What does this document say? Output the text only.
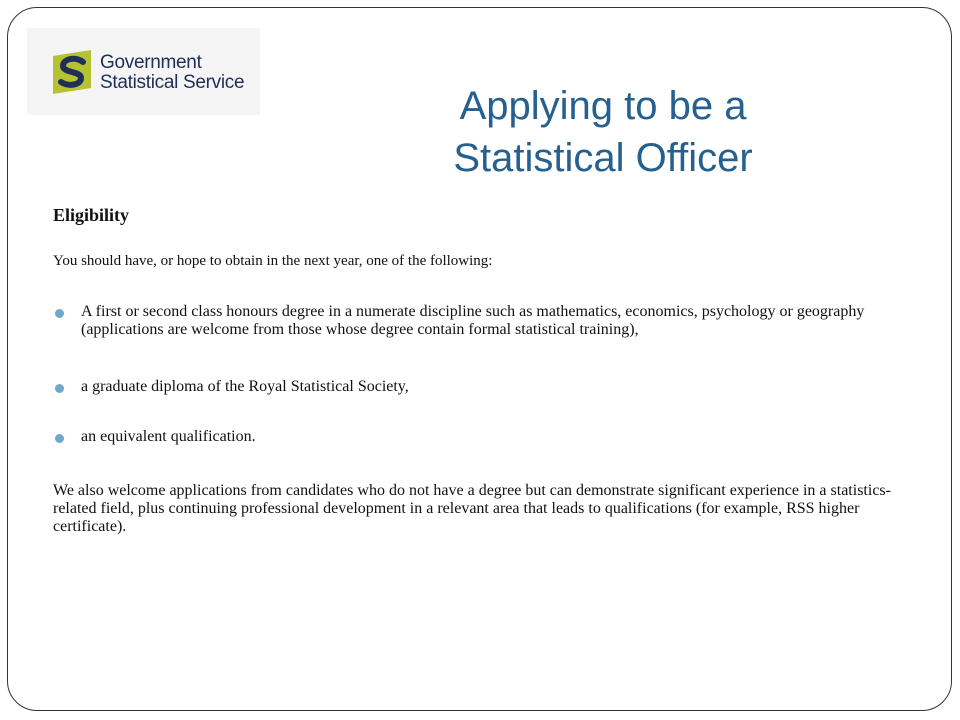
Government
Statistical Service
Applying to be a
Statistical Officer
Eligibility
You should have, or hope to obtain in the next year, one of the following:
A first or second class honours degree in a numerate discipline such as mathematics, economics, psychology or geography (applications are welcome from those whose degree contain formal statistical training),
a graduate diploma of the Royal Statistical Society,
an equivalent qualification.
We also welcome applications from candidates who do not have a degree but can demonstrate significant experience in a statistics-related field, plus continuing professional development in a relevant area that leads to qualifications (for example, RSS higher certificate).
